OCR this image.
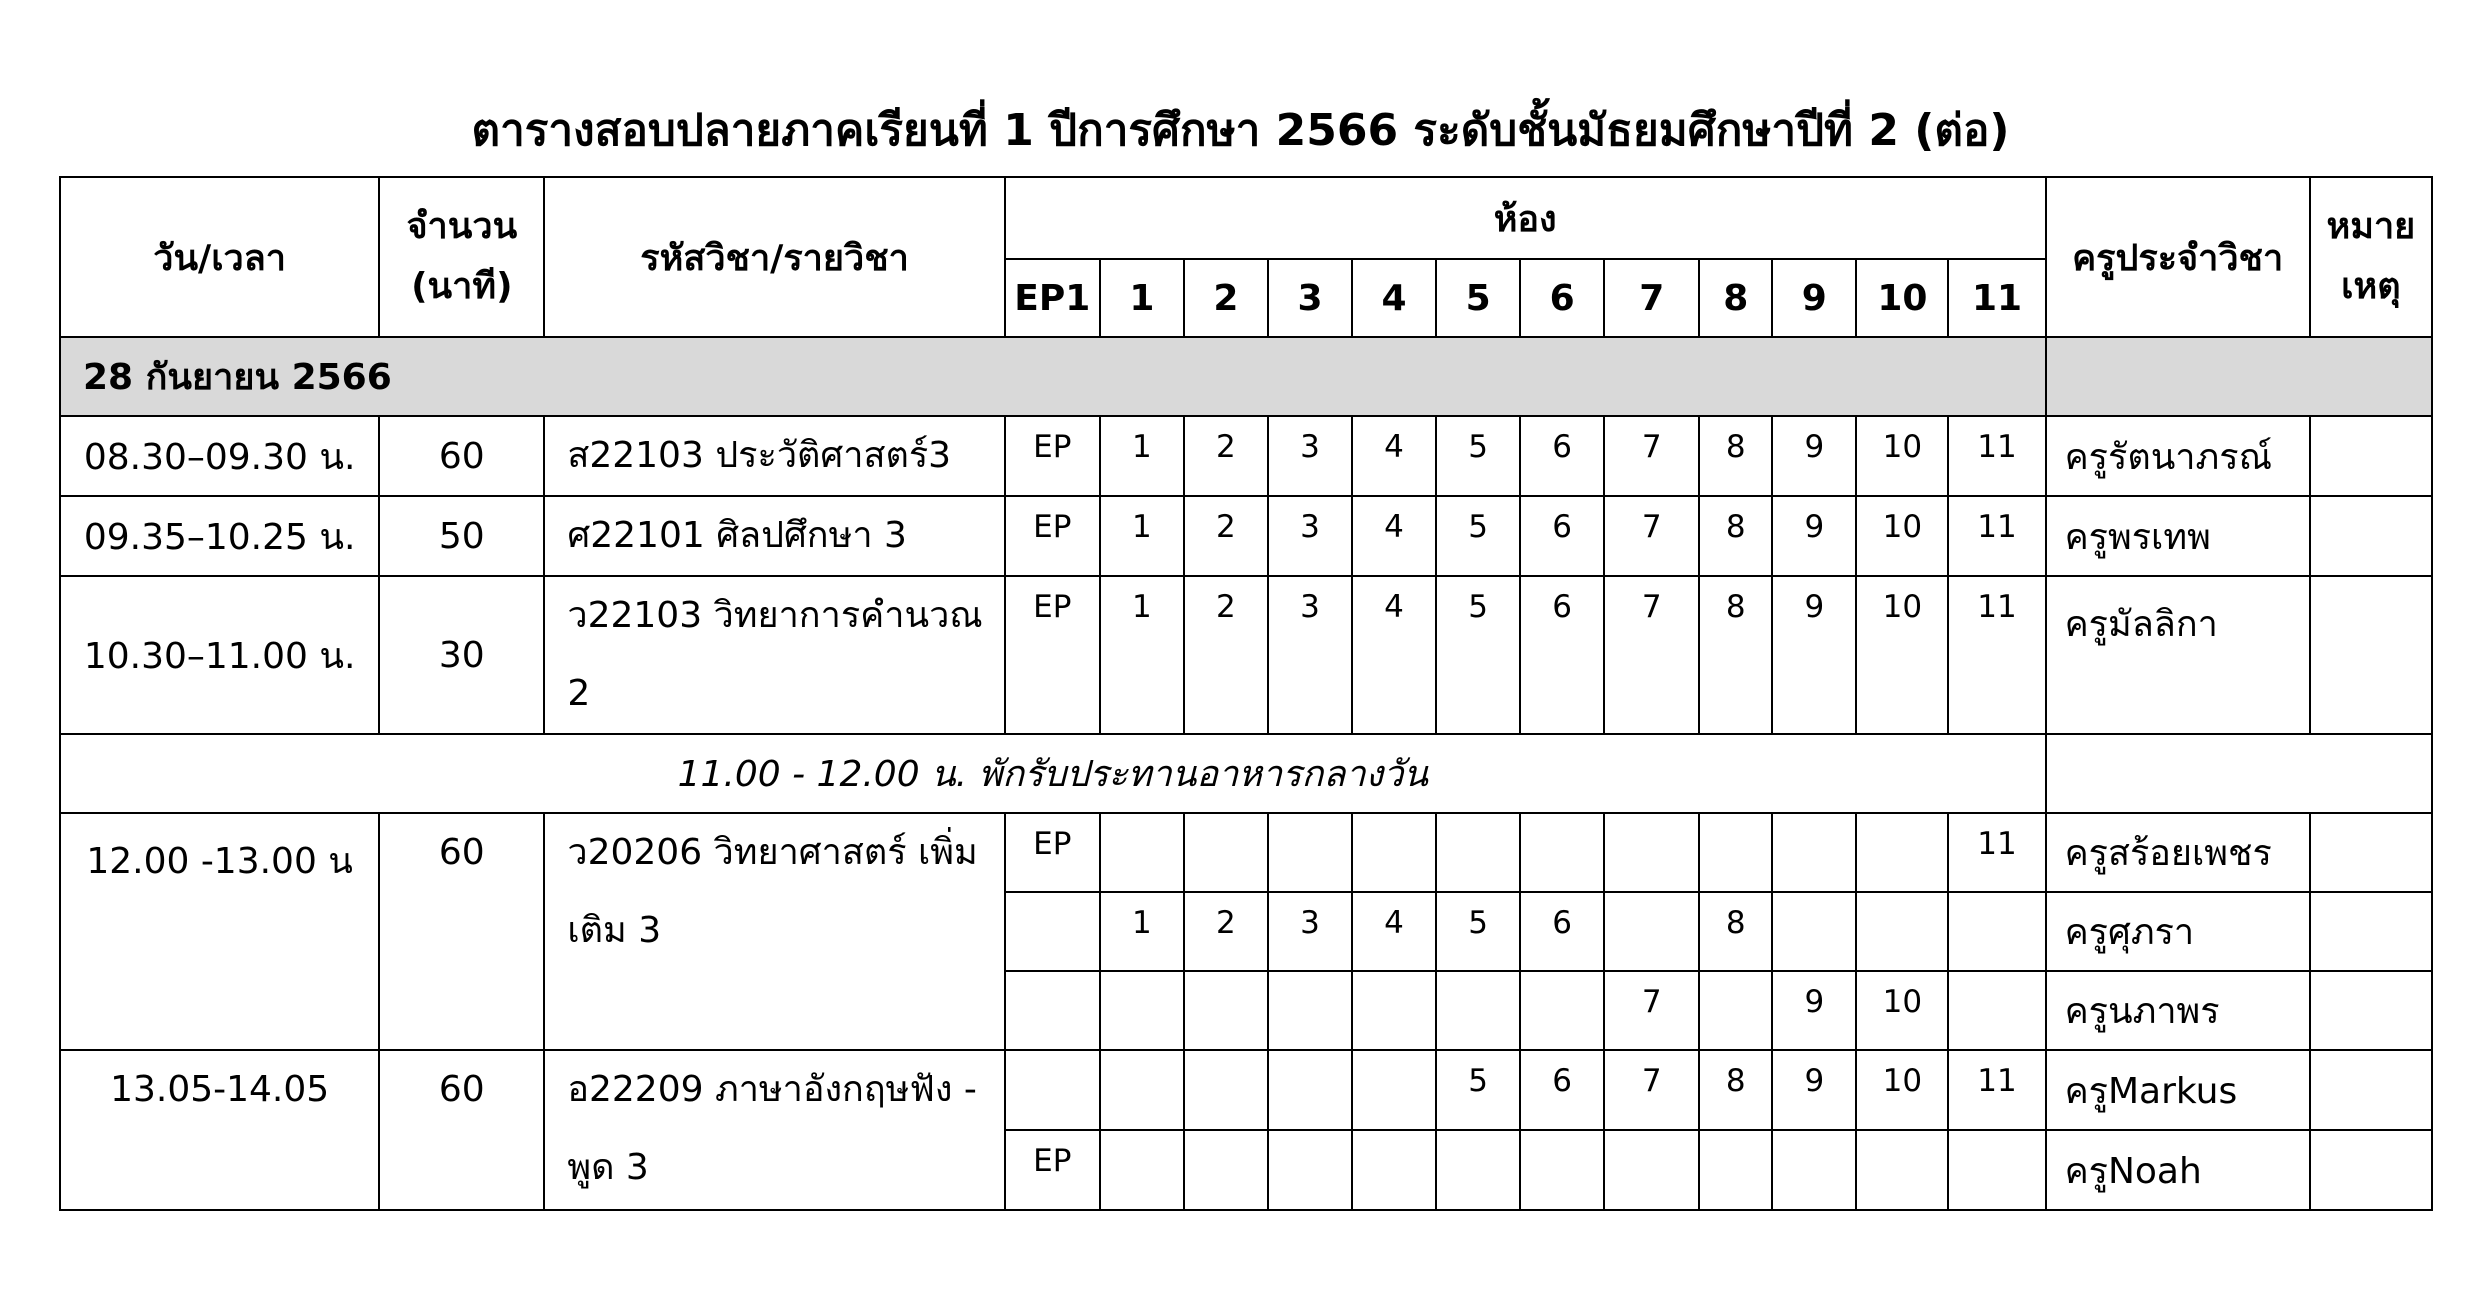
ตารางสอบปลายภาคเรียนที่ 1 ปีการศึกษา 2566 ระดับชั้นมัธยมศึกษาปีที่ 2 (ต่อ)
วัน/เวลา	จำนวน
(นาที)	รหัสวิชา/รายวิชา	ห้อง												ครูประจำวิชา	หมาย
เหตุ
			EP1	1	2	3	4	5	6	7	8	9	10	11		
28 กันยายน 2566																
08.30–09.30 น.	60	ส22103 ประวัติศาสตร์3	EP	1	2	3	4	5	6	7	8	9	10	11	ครูรัตนาภรณ์	
09.35–10.25 น.	50	ศ22101 ศิลปศึกษา 3	EP	1	2	3	4	5	6	7	8	9	10	11	ครูพรเทพ	
10.30–11.00 น.	30	ว22103 วิทยาการคำนวณ 2	EP	1	2	3	4	5	6	7	8	9	10	11	ครูมัลลิกา	
11.00 - 12.00 น. พักรับประทานอาหารกลางวัน																
12.00 -13.00 น	60	ว20206 วิทยาศาสตร์ เพิ่มเติม 3	EP											11	ครูสร้อยเพชร	
				1	2	3	4	5	6		8				ครูศุภรา	
										7		9	10		ครูนภาพร	
13.05-14.05	60	อ22209 ภาษาอังกฤษฟัง - พูด 3						5	6	7	8	9	10	11	ครูMarkus	
			EP												ครูNoah	
